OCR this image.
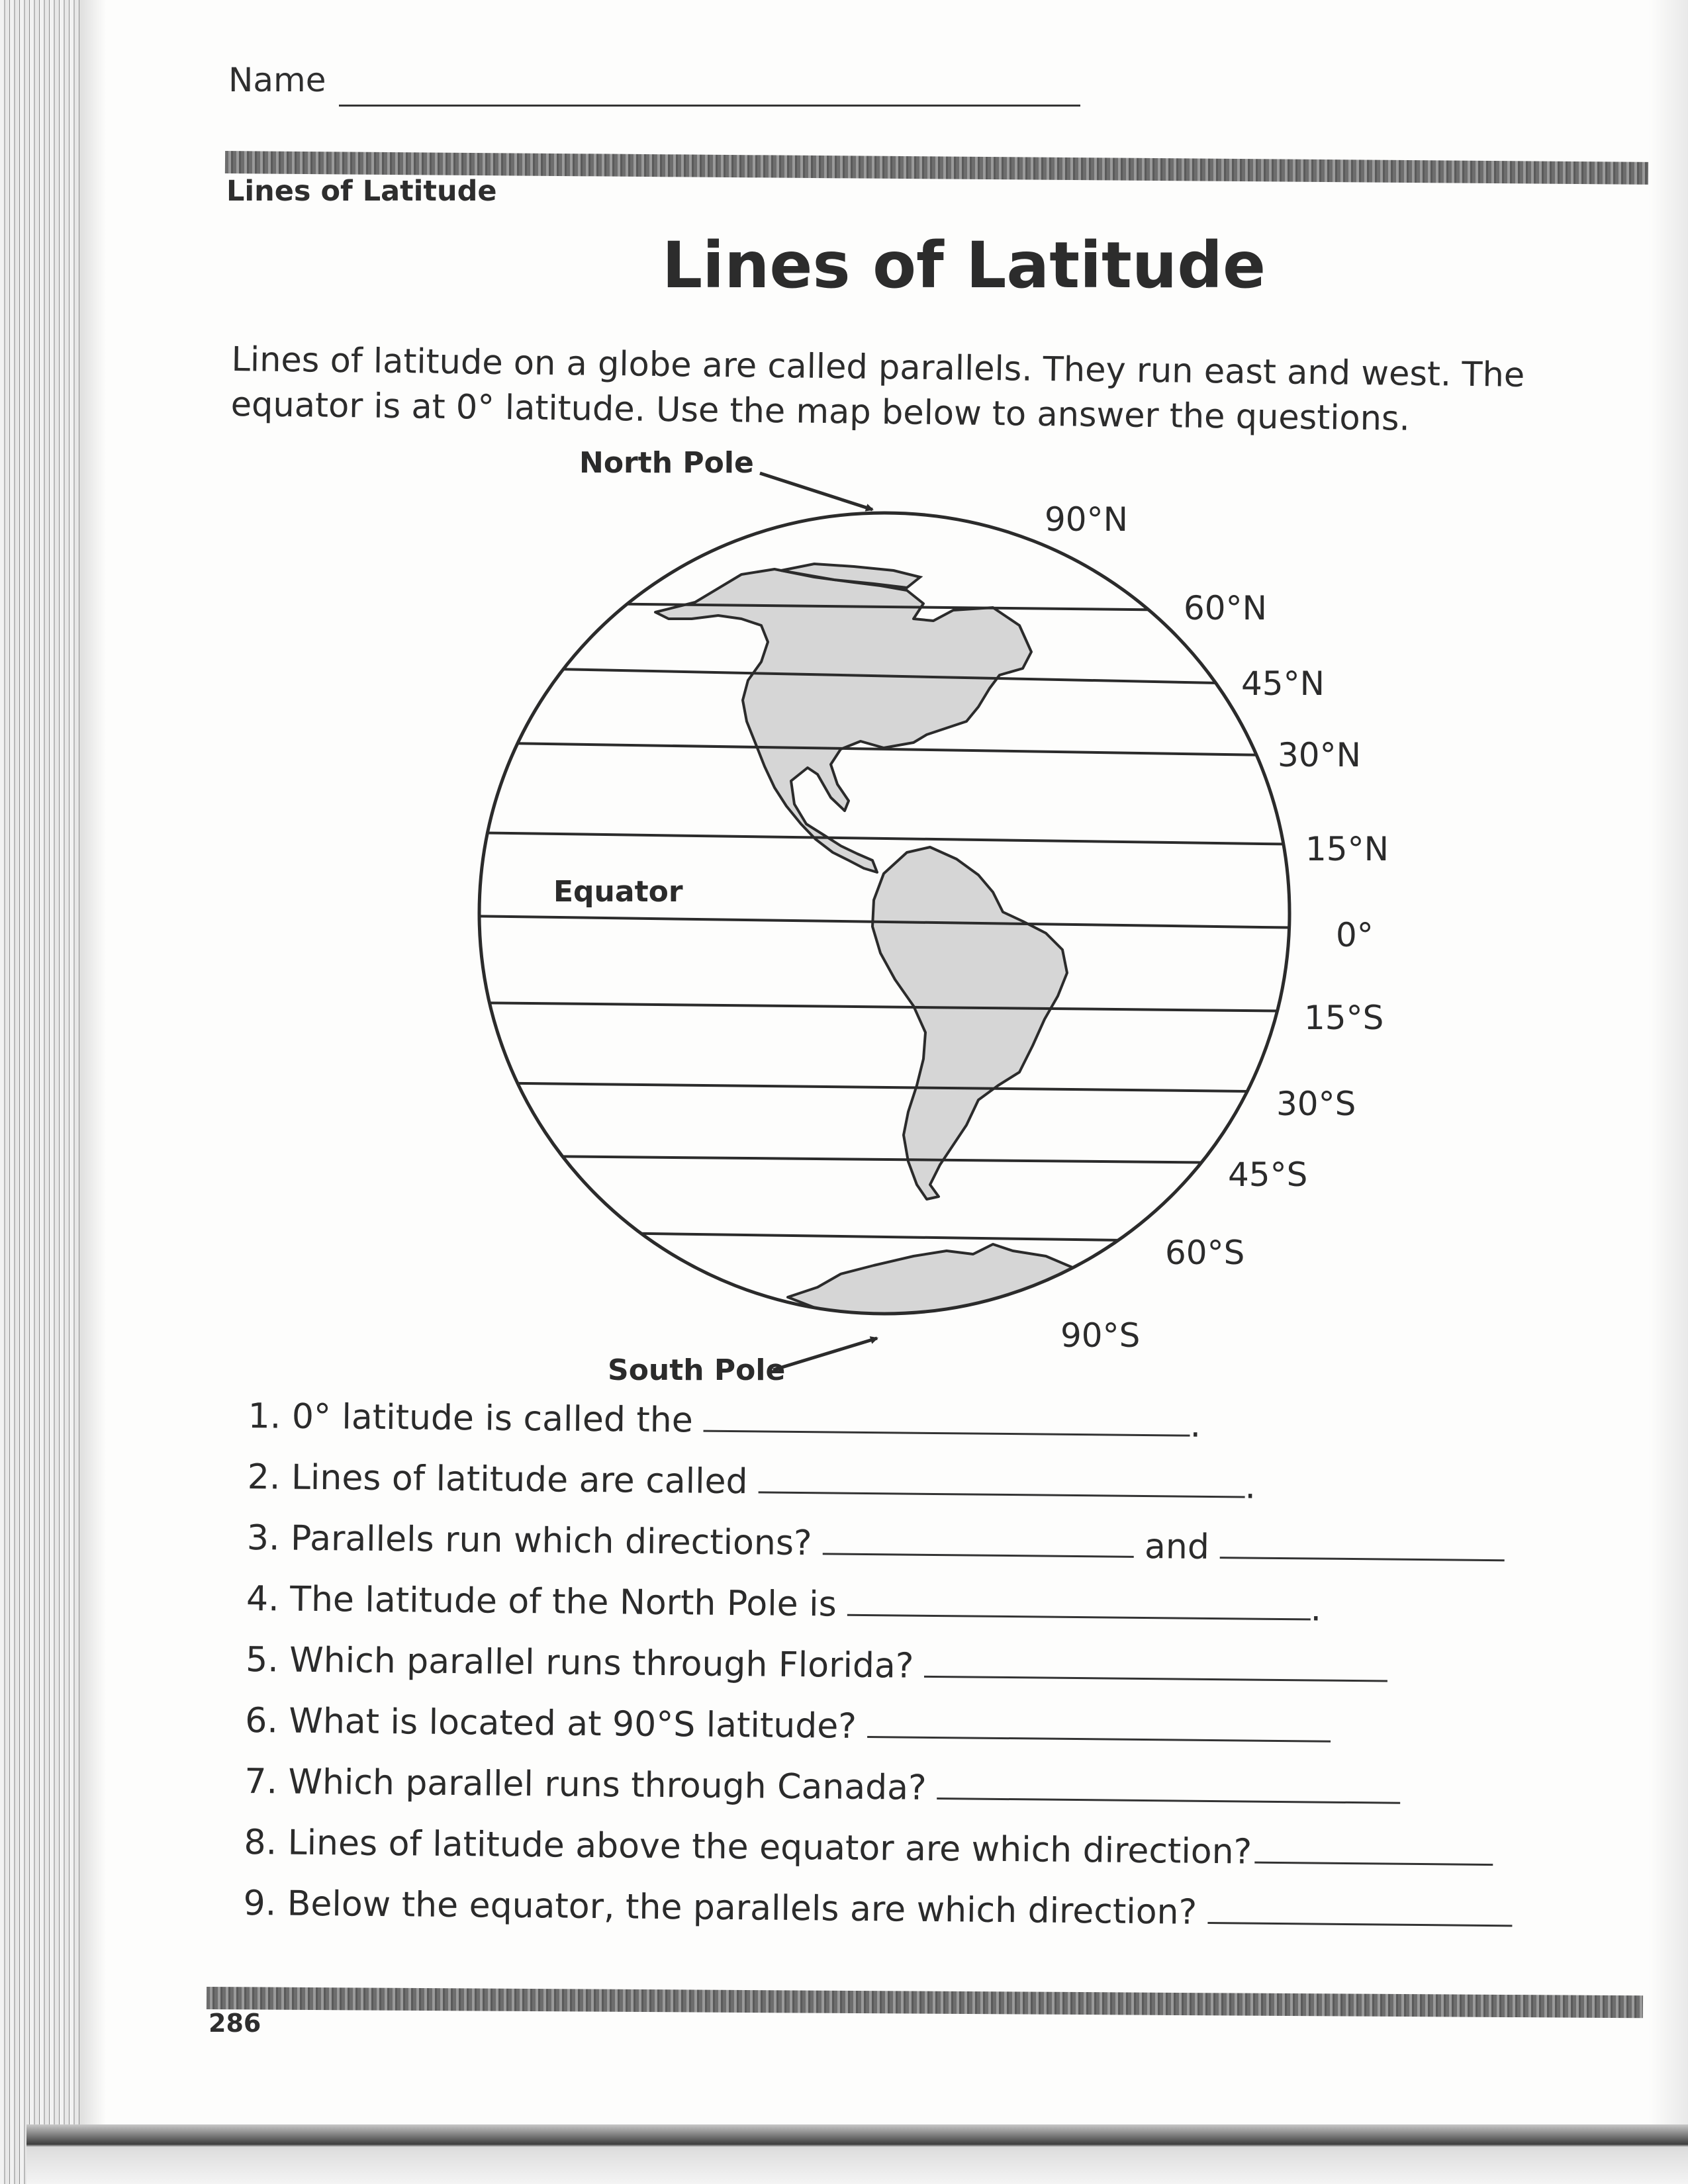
Name
Lines of Latitude
Lines of Latitude
Lines of latitude on a globe are called parallels. They run east and west. The
equator is at 0° latitude. Use the map below to answer the questions.
North Pole
South Pole
Equator
90°N
60°N
45°N
30°N
15°N
0°
15°S
30°S
45°S
60°S
90°S
1. 0° latitude is called the	.
2. Lines of latitude are called	.
3. Parallels run which directions?	and
4. The latitude of the North Pole is	.
5. Which parallel runs through Florida?
6. What is located at 90°S latitude?
7. Which parallel runs through Canada?
8. Lines of latitude above the equator are which direction?
9. Below the equator, the parallels are which direction?
286
